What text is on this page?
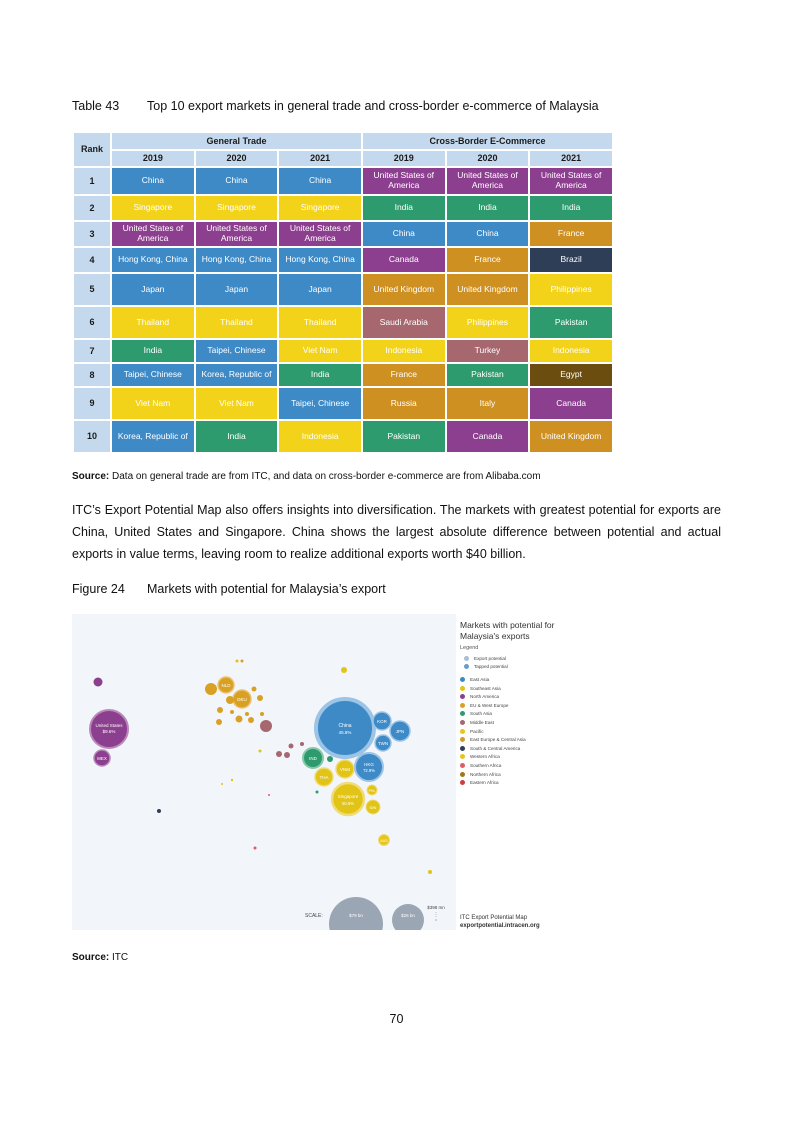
Table 43 Top 10 export markets in general trade and cross-border e-commerce of Malaysia
Rank	General Trade			Cross-Border E-Commerce		
	2019	2020	2021	2019	2020	2021
1	China	China	China	United States of America	United States of America	United States of America
2	Singapore	Singapore	Singapore	India	India	India
3	United States of America	United States of America	United States of America	China	China	France
4	Hong Kong, China	Hong Kong, China	Hong Kong, China	Canada	France	Brazil
5	Japan	Japan	Japan	United Kingdom	United Kingdom	Philippines
6	Thailand	Thailand	Thailand	Saudi Arabia	Philippines	Pakistan
7	India	Taipei, Chinese	Viet Nam	Indonesia	Turkey	Indonesia
8	Taipei, Chinese	Korea, Republic of	India	France	Pakistan	Egypt
9	Viet Nam	Viet Nam	Taipei, Chinese	Russia	Italy	Canada
10	Korea, Republic of	India	Indonesia	Pakistan	Canada	United Kingdom
Source: Data on general trade are from ITC, and data on cross-border e-commerce are from Alibaba.com
ITC’s Export Potential Map also offers insights into diversification. The markets with greatest potential for exports are China, United States and Singapore. China shows the largest absolute difference between potential and actual exports in value terms, leaving room to realize additional exports worth $40 billion.
Figure 24 Markets with potential for Malaysia’s export
United States
$9.6%
MEX
NLD
DEU
China
45.8%
KOR
JPN
TWN
IND
VNM
HKG
72.9%
THA
Singapore
50.6%
PHL
IDN
AUS
SCALE:	$79 bn	$26 bn
$398 mn
Markets with potential for Malaysia's exports
Legend
Export potential
Tapped potential
East Asia
Southeast Asia
North America
EU & West Europe
South Asia
Middle East
Pacific
East Europe & Central Asia
South & Central America
Western Africa
Southern Africa
Northern Africa
Eastern Africa
ITC Export Potential Map
exportpotential.intracen.org
Source: ITC
70
